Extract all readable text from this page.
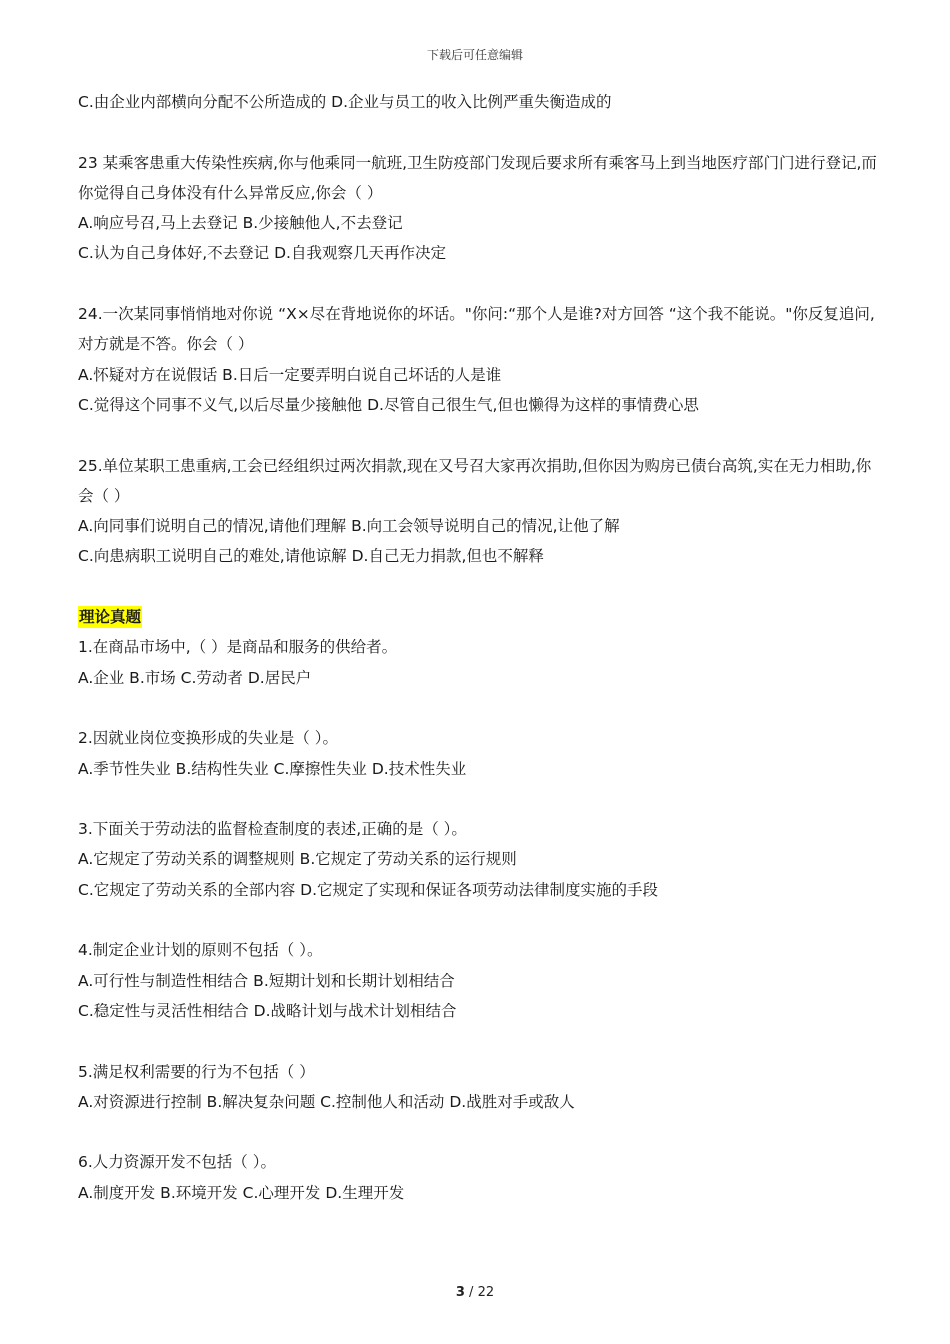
下载后可任意编辑
C.由企业内部横向分配不公所造成的 D.企业与员工的收入比例严重失衡造成的
23 某乘客患重大传染性疾病,你与他乘同一航班,卫生防疫部门发现后要求所有乘客马上到当地医疗部门门进行登记,而你觉得自己身体没有什么异常反应,你会（ ）
A.响应号召,马上去登记 B.少接触他人,不去登记
C.认为自己身体好,不去登记 D.自我观察几天再作决定
24.一次某同事悄悄地对你说 “X×尽在背地说你的坏话。"你问:“那个人是谁?对方回答 “这个我不能说。"你反复追问,对方就是不答。你会（ ）
A.怀疑对方在说假话 B.日后一定要弄明白说自己坏话的人是谁
C.觉得这个同事不义气,以后尽量少接触他 D.尽管自己很生气,但也懒得为这样的事情费心思
25.单位某职工患重病,工会已经组织过两次捐款,现在又号召大家再次捐助,但你因为购房已债台高筑,实在无力相助,你会（ ）
A.向同事们说明自己的情况,请他们理解 B.向工会领导说明自己的情况,让他了解
C.向患病职工说明自己的难处,请他谅解 D.自己无力捐款,但也不解释
理论真题
1.在商品市场中,（ ）是商品和服务的供给者。
A.企业 B.市场 C.劳动者 D.居民户
2.因就业岗位变换形成的失业是（ ）。
A.季节性失业 B.结构性失业 C.摩擦性失业 D.技术性失业
3.下面关于劳动法的监督检查制度的表述,正确的是（ ）。
A.它规定了劳动关系的调整规则 B.它规定了劳动关系的运行规则
C.它规定了劳动关系的全部内容 D.它规定了实现和保证各项劳动法律制度实施的手段
4.制定企业计划的原则不包括（ ）。
A.可行性与制造性相结合 B.短期计划和长期计划相结合
C.稳定性与灵活性相结合 D.战略计划与战术计划相结合
5.满足权利需要的行为不包括（ ）
A.对资源进行控制 B.解决复杂问题 C.控制他人和活动 D.战胜对手或敌人
6.人力资源开发不包括（ ）。
A.制度开发 B.环境开发 C.心理开发 D.生理开发
3 / 22
